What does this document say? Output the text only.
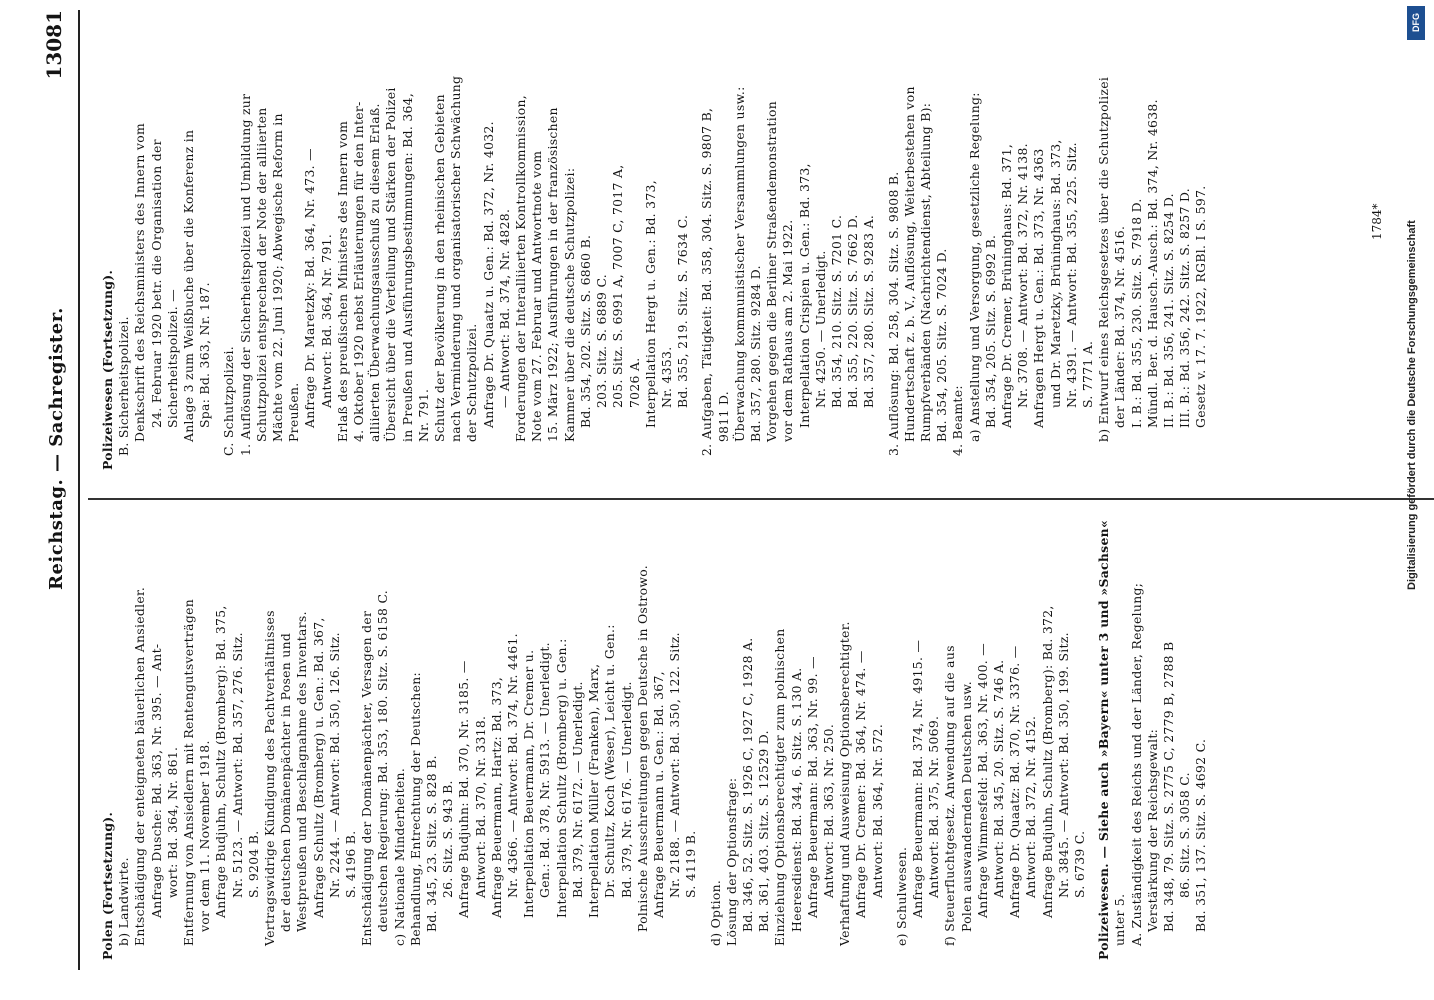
Reichstag. — Sachregister.
13081
Polen (Fortsetzung). b) Landwirte. Entschädigung der enteigneten bäuerlichen Ansiedler. Anfrage Dusche: Bd. 363, Nr. 395. — Ant- wort: Bd. 364, Nr. 861. Entfernung von Ansiedlern mit Rentengutsverträgen vor dem 11. November 1918. Anfrage Budjuhn, Schultz (Bromberg): Bd. 375, Nr. 5123. — Antwort: Bd. 357, 276. Sitz. S. 9204 B. Vertragswidrige Kündigung des Pachtverhältnisses der deutschen Domänenpächter in Posen und Westpreußen und Beschlagnahme des Inventars. Anfrage Schultz (Bromberg) u. Gen.: Bd. 367, Nr. 2244. — Antwort: Bd. 350, 126. Sitz. S. 4196 B. Entschädigung der Domänenpächter, Versagen der deutschen Regierung: Bd. 353, 180. Sitz. S. 6158 C. c) Nationale Minderheiten. Behandlung, Entrechtung der Deutschen: Bd. 345, 23. Sitz. S. 828 B. 26. Sitz. S. 943 B. Anfrage Budjuhn: Bd. 370, Nr. 3185. — Antwort: Bd. 370, Nr. 3318. Anfrage Beuermann, Hartz: Bd. 373, Nr. 4366. — Antwort: Bd. 374, Nr. 4461. Interpellation Beuermann, Dr. Cremer u. Gen.: Bd. 378, Nr. 5913. — Unerledigt. Interpellation Schultz (Bromberg) u. Gen.: Bd. 379, Nr. 6172. — Unerledigt. Interpellation Müller (Franken), Marx, Dr. Schultz, Koch (Weser), Leicht u. Gen.: Bd. 379, Nr. 6176. — Unerledigt. Polnische Ausschreitungen gegen Deutsche in Ostrowo. Anfrage Beuermann u. Gen.: Bd. 367, Nr. 2188. — Antwort: Bd. 350, 122. Sitz. S. 4119 B.
d) Option. Lösung der Optionsfrage: Bd. 346, 52. Sitz. S. 1926 C, 1927 C, 1928 A. Bd. 361, 403. Sitz. S. 12529 D. Einziehung Optionsberechtigter zum polnischen Heeresdienst: Bd. 344, 6. Sitz. S. 130 A. Anfrage Beuermann: Bd. 363, Nr. 99. — Antwort: Bd. 363, Nr. 250. Verhaftung und Ausweisung Optionsberechtigter. Anfrage Dr. Cremer: Bd. 364, Nr. 474. — Antwort: Bd. 364, Nr. 572. e) Schulwesen. Anfrage Beuermann: Bd. 374, Nr. 4915. — Antwort: Bd. 375, Nr. 5069. f) Steuerfluchtgesetz. Anwendung auf die aus Polen auswandernden Deutschen usw. Anfrage Wimmesfeld: Bd. 363, Nr. 400. — Antwort: Bd. 345, 20. Sitz. S. 746 A. Anfrage Dr. Quaatz: Bd. 370, Nr. 3376. — Antwort: Bd. 372, Nr. 4152. Anfrage Budjuhn, Schultz (Bromberg): Bd. 372, Nr. 3845. — Antwort: Bd. 350, 199. Sitz. S. 6739 C. Polizeiwesen. — Siehe auch »Bayern« unter 3 und »Sachsen« unter 5. A. Zuständigkeit des Reichs und der Länder, Regelung; Verstärkung der Reichsgewalt: Bd. 348, 79. Sitz. S. 2775 C, 2779 B, 2788 B 86. Sitz. S. 3058 C. Bd. 351, 137. Sitz. S. 4692 C.
Polizeiwesen (Fortsetzung). B. Sicherheitspolizei. Denkschrift des Reichsministers des Innern vom 24. Februar 1920 betr. die Organisation der Sicherheitspolizei. — Anlage 3 zum Weißbuche über die Konferenz in Spa: Bd. 363, Nr. 187. C. Schutzpolizei. 1. Auflösung der Sicherheitspolizei und Umbildung zur Schutzpolizei entsprechend der Note der alliierten Mächte vom 22. Juni 1920; Abwegische Reform in Preußen. Anfrage Dr. Maretzky: Bd. 364, Nr. 473. — Antwort: Bd. 364, Nr. 791. Erlaß des preußischen Ministers des Innern vom 4. Oktober 1920 nebst Erläuterungen für den Inter- alliierten Überwachungsausschuß zu diesem Erlaß. Übersicht über die Verteilung und Stärken der Polizei in Preußen und Ausführungsbestimmungen: Bd. 364, Nr. 791. Schutz der Bevölkerung in den rheinischen Gebieten nach Verminderung und organisatorischer Schwächung der Schutzpolizei. Anfrage Dr. Quaatz u. Gen.: Bd. 372, Nr. 4032. — Antwort: Bd. 374, Nr. 4828. Forderungen der Interalliierten Kontrollkommission, Note vom 27. Februar und Antwortnote vom 15. März 1922; Ausführungen in der französischen Kammer über die deutsche Schutzpolizei: Bd. 354, 202. Sitz. S. 6860 B. 203. Sitz. S. 6889 C. 205. Sitz. S. 6991 A, 7007 C, 7017 A, 7026 A. Interpellation Hergt u. Gen.: Bd. 373, Nr. 4353. Bd. 355, 219. Sitz. S. 7634 C. 2. Aufgaben, Tätigkeit: Bd. 358, 304. Sitz. S. 9807 B, 9811 D. Überwachung kommunistischer Versammlungen usw.: Bd. 357, 280. Sitz. 9284 D. Vorgehen gegen die Berliner Straßendemonstration vor dem Rathaus am 2. Mai 1922. Interpellation Crispien u. Gen.: Bd. 373, Nr. 4250. — Unerledigt. Bd. 354, 210. Sitz. S. 7201 C. Bd. 355, 220. Sitz. S. 7662 D. Bd. 357, 280. Sitz. S. 9283 A. 3. Auflösung: Bd. 258, 304. Sitz. S. 9808 B. Hundertschaft z. b. V., Auflösung, Weiterbestehen von Rumpfverbänden (Nachrichtendienst, Abteilung B): Bd. 354, 205. Sitz. S. 7024 D. 4. Beamte: a) Anstellung und Versorgung, gesetzliche Regelung: Bd. 354, 205. Sitz. S. 6992 B. Anfrage Dr. Cremer, Brüninghaus: Bd. 371, Nr. 3708. — Antwort: Bd. 372, Nr. 4138. Anfragen Hergt u. Gen.: Bd. 373, Nr. 4363 und Dr. Maretzky, Brüninghaus: Bd. 373, Nr. 4391. — Antwort: Bd. 355, 225. Sitz. S. 7771 A. b) Entwurf eines Reichsgesetzes über die Schutzpolizei der Länder: Bd. 374, Nr. 4516. I. B.: Bd. 355, 230. Sitz. S. 7918 D. Mündl. Ber. d. Hausch.-Ausch.: Bd. 374, Nr. 4638. II. B.: Bd. 356, 241. Sitz. S. 8254 D. III. B.: Bd. 356, 242. Sitz. S. 8257 D. Gesetz v. 17. 7. 1922, RGBl. I S. 597.	1784*
DFG
Digitalisierung gefördert durch die Deutsche Forschungsgemeinschaft
